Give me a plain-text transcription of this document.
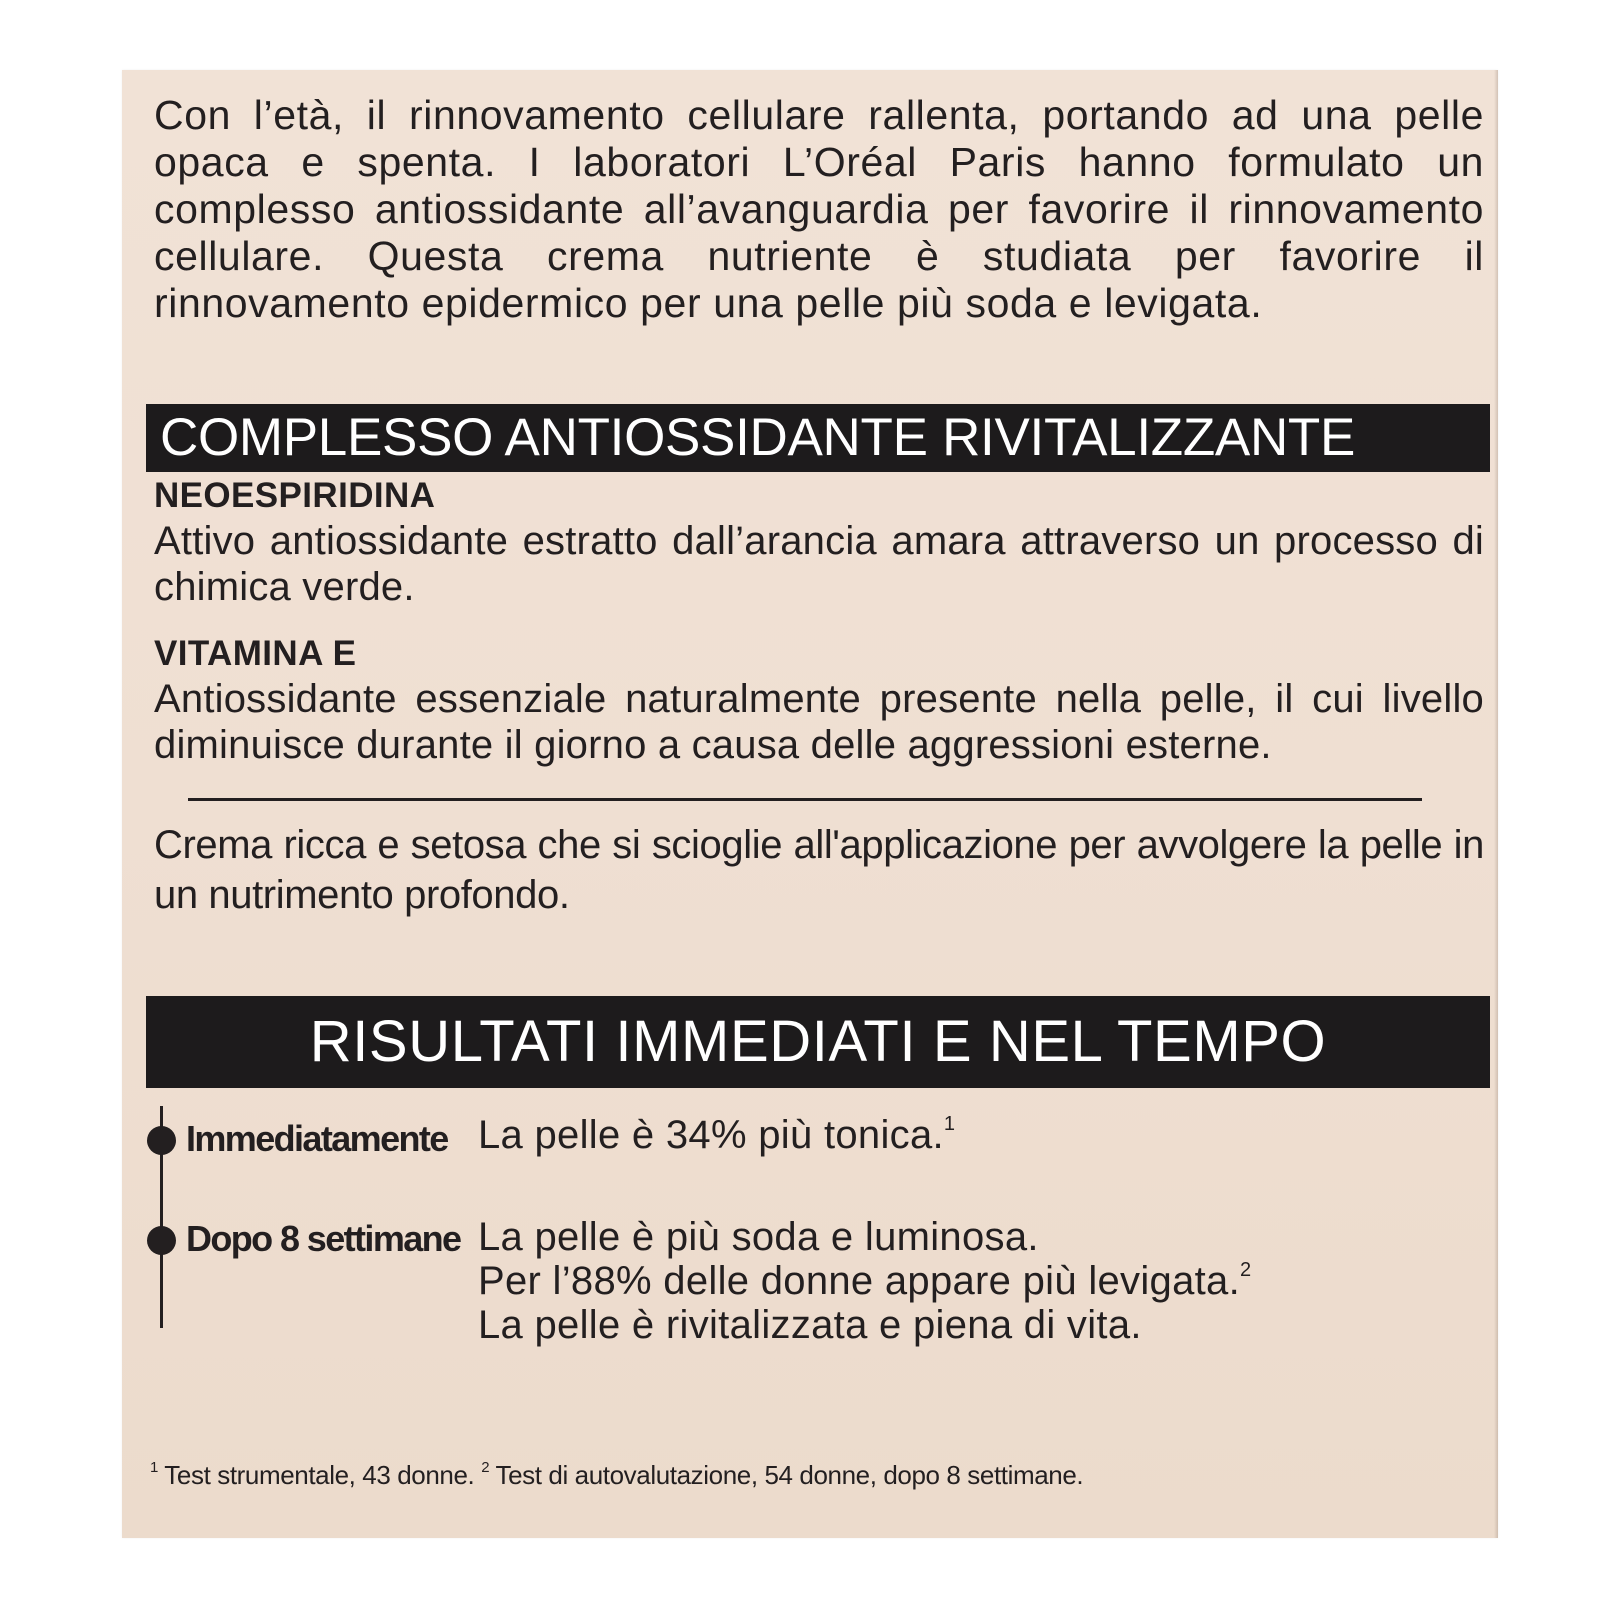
Con l’età, il rinnovamento cellulare rallenta, portando ad una pelle opaca e spenta. I laboratori L’Oréal Paris hanno formulato un complesso antiossidante all’avanguardia per favorire il rinnovamento cellulare. Questa crema nutriente è studiata per favorire il rinnovamento epidermico per una pelle più soda e levigata.

COMPLESSO ANTIOSSIDANTE RIVITALIZZANTE

NEOESPIRIDINA

Attivo antiossidante estratto dall’arancia amara attraverso un processo di chimica verde.

VITAMINA E

Antiossidante essenziale naturalmente presente nella pelle, il cui livello diminuisce durante il giorno a causa delle aggressioni esterne.

Crema ricca e setosa che si scioglie all'applicazione per avvolgere la pelle in un nutrimento profondo.

RISULTATI IMMEDIATI E NEL TEMPO

Immediatamente La pelle è 34% più tonica.$^1$

Dopo 8 settimane La pelle è più soda e luminosa.

Per l’88% delle donne appare più levigata.$^2$

La pelle è rivitalizzata e piena di vita.

$^1$ Test strumentale, 43 donne. $^2$ Test di autovalutazione, 54 donne, dopo 8 settimane.
